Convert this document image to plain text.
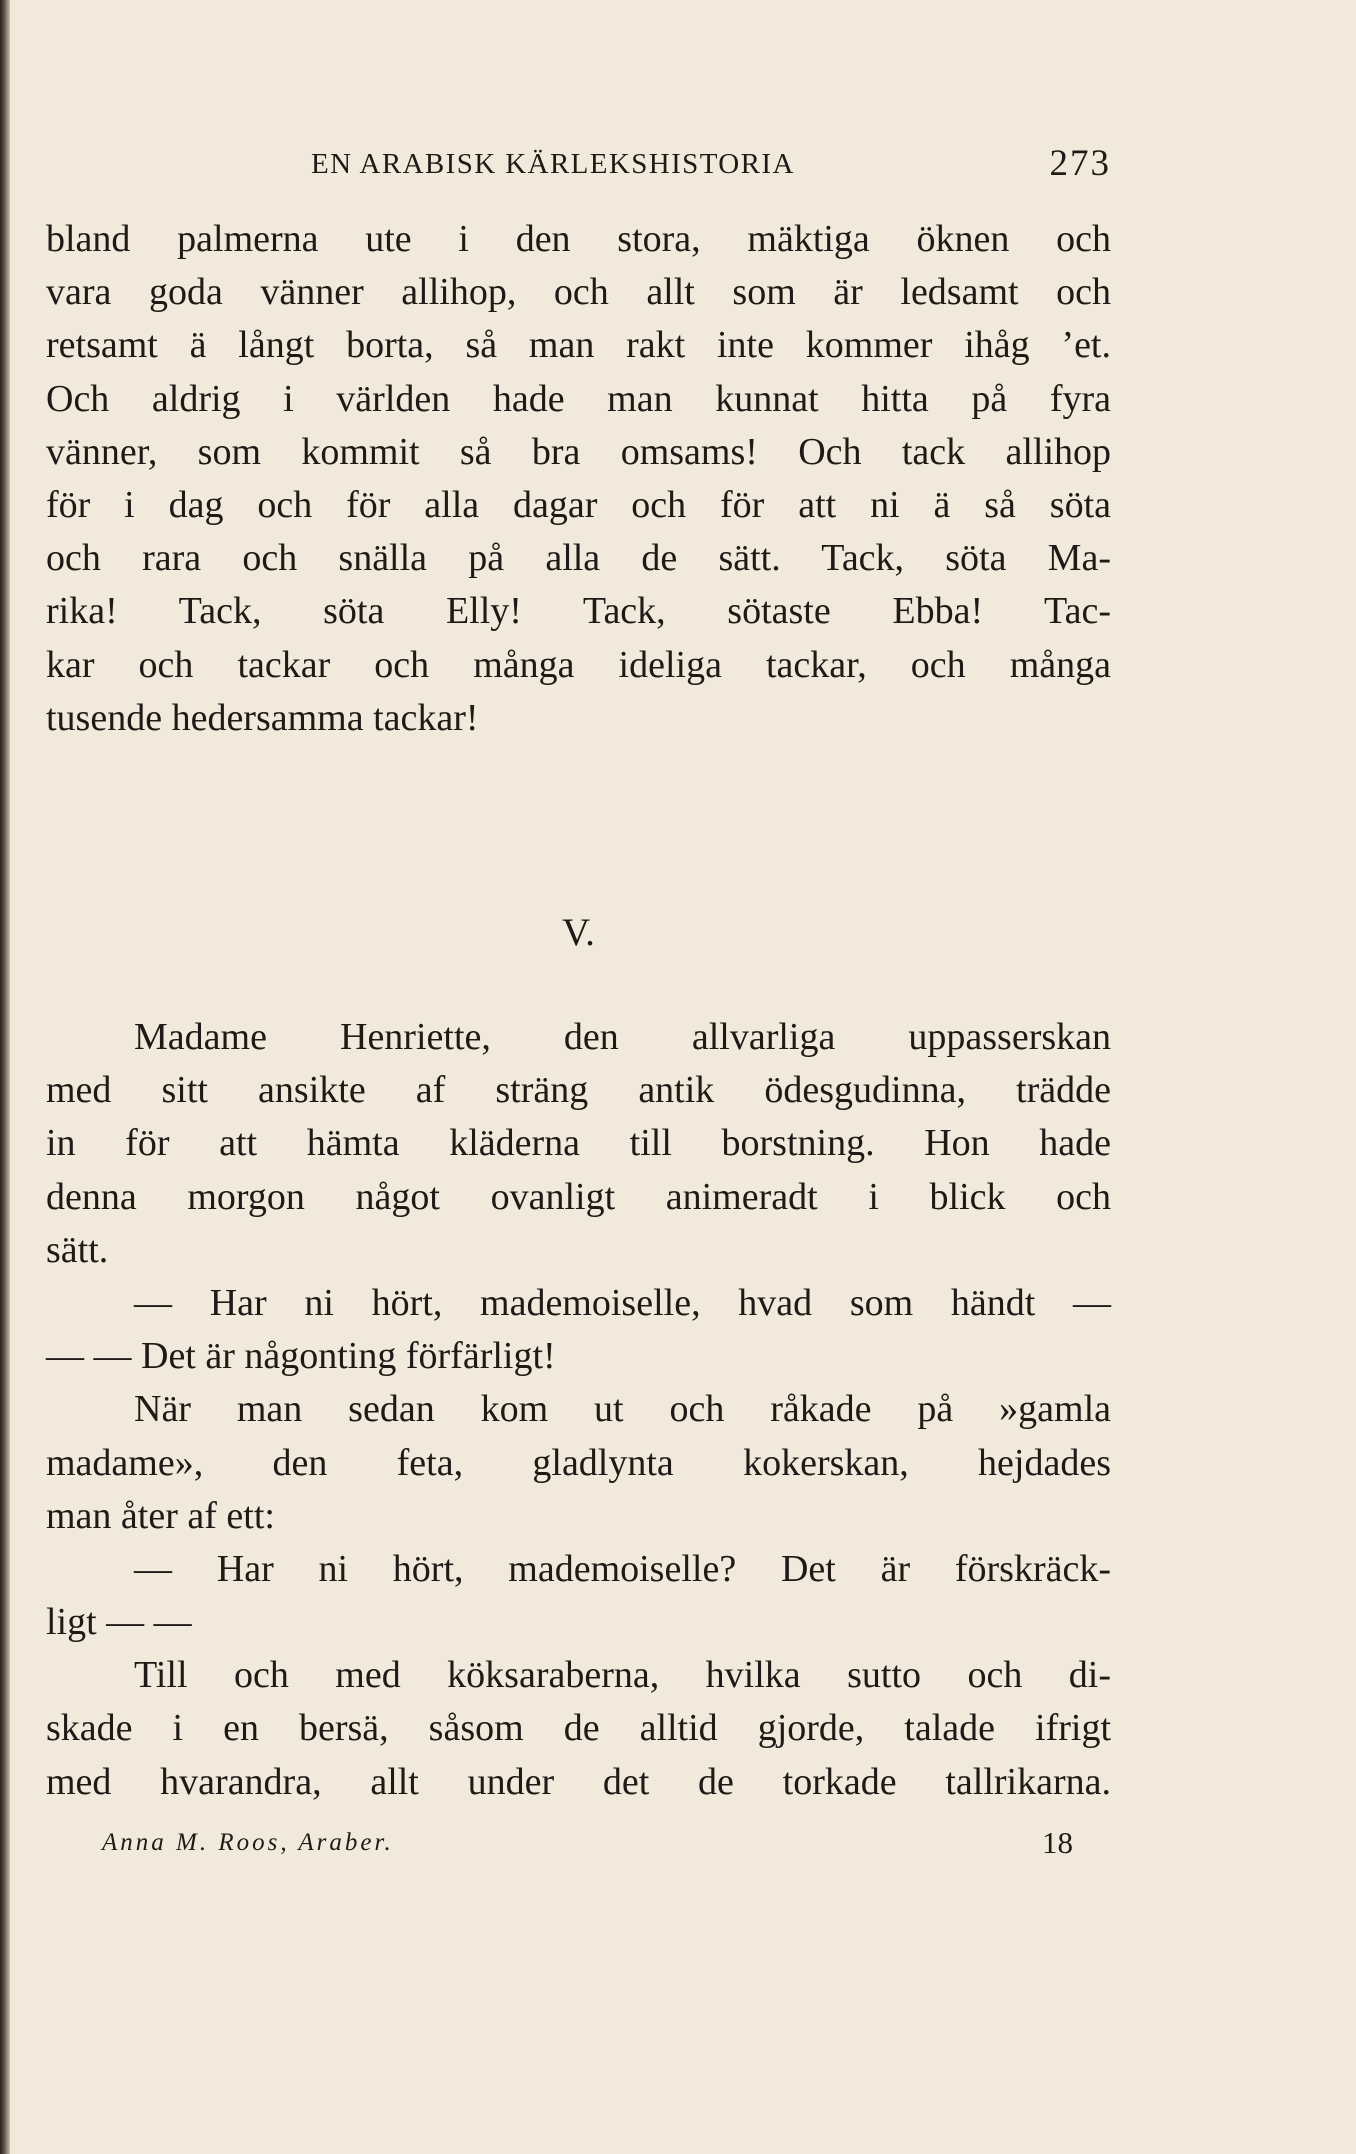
EN ARABISK KÄRLEKSHISTORIA	273
bland palmerna ute i den stora, mäktiga öknen och
vara goda vänner allihop, och allt som är ledsamt och
retsamt ä långt borta, så man rakt inte kommer ihåg ’et.
Och aldrig i världen hade man kunnat hitta på fyra
vänner, som kommit så bra omsams! Och tack allihop
för i dag och för alla dagar och för att ni ä så söta
och rara och snälla på alla de sätt. Tack, söta Ma-
rika! Tack, söta Elly! Tack, sötaste Ebba! Tac-
kar och tackar och många ideliga tackar, och många
tusende hedersamma tackar!
V.
Madame Henriette, den allvarliga uppasserskan
med sitt ansikte af sträng antik ödesgudinna, trädde
in för att hämta kläderna till borstning. Hon hade
denna morgon något ovanligt animeradt i blick och
sätt.
— Har ni hört, mademoiselle, hvad som händt —
— — Det är någonting förfärligt!
När man sedan kom ut och råkade på »gamla
madame», den feta, gladlynta kokerskan, hejdades
man åter af ett:
— Har ni hört, mademoiselle? Det är förskräck-
ligt — —
Till och med köksaraberna, hvilka sutto och di-
skade i en bersä, såsom de alltid gjorde, talade ifrigt
med hvarandra, allt under det de torkade tallrikarna.
Anna M. Roos, Araber.	18
